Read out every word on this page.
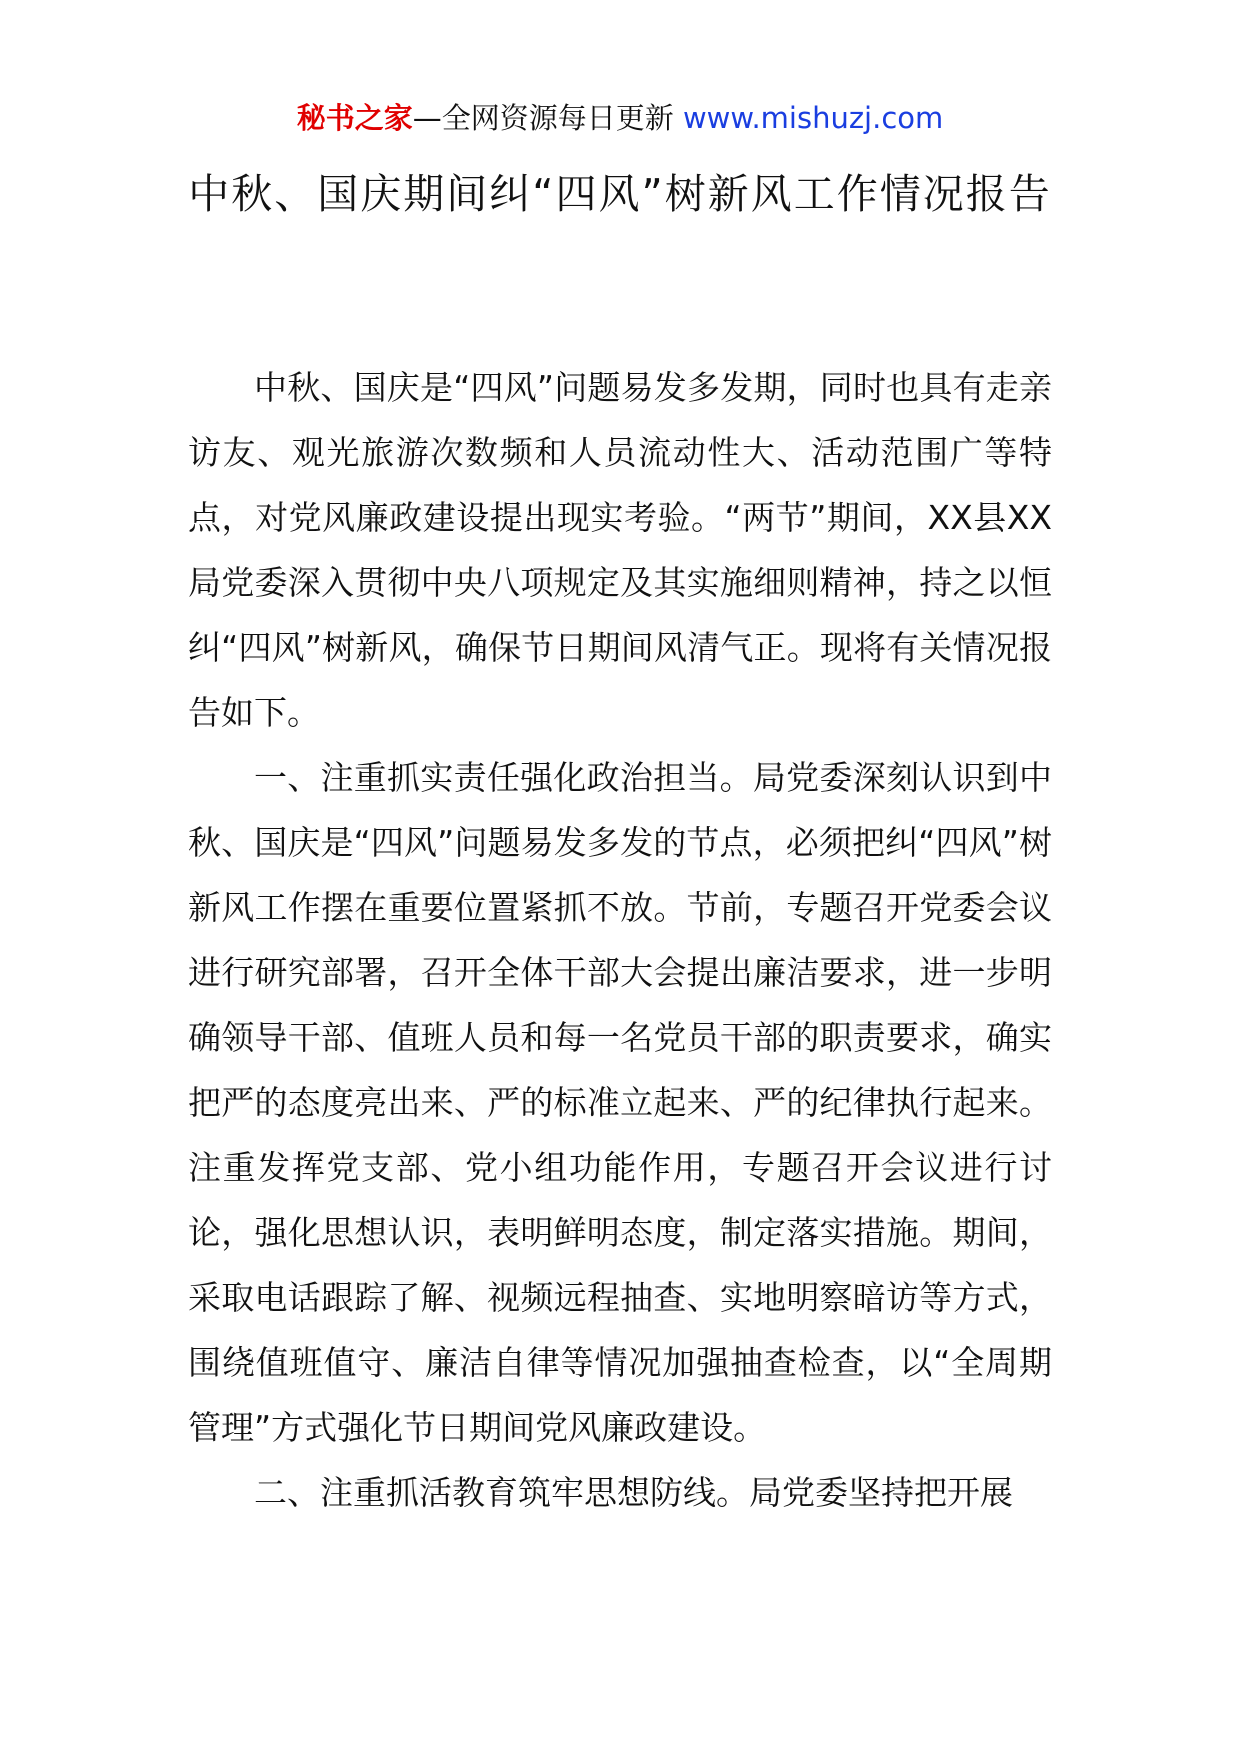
秘书之家—全网资源每日更新 www.mishuzj.com
中秋、国庆期间纠“四风”树新风工作情况报告

中秋、国庆是“四风”问题易发多发期，同时也具有走亲访友、观光旅游次数频和人员流动性大、活动范围广等特点，对党风廉政建设提出现实考验。“两节”期间，XX县XX局党委深入贯彻中央八项规定及其实施细则精神，持之以恒纠“四风”树新风，确保节日期间风清气正。现将有关情况报告如下。

一、注重抓实责任强化政治担当。局党委深刻认识到中秋、国庆是“四风”问题易发多发的节点，必须把纠“四风”树新风工作摆在重要位置紧抓不放。节前，专题召开党委会议进行研究部署，召开全体干部大会提出廉洁要求，进一步明确领导干部、值班人员和每一名党员干部的职责要求，确实把严的态度亮出来、严的标准立起来、严的纪律执行起来。注重发挥党支部、党小组功能作用，专题召开会议进行讨论，强化思想认识，表明鲜明态度，制定落实措施。期间，采取电话跟踪了解、视频远程抽查、实地明察暗访等方式，围绕值班值守、廉洁自律等情况加强抽查检查，以“全周期管理”方式强化节日期间党风廉政建设。

二、注重抓活教育筑牢思想防线。局党委坚持把开展
